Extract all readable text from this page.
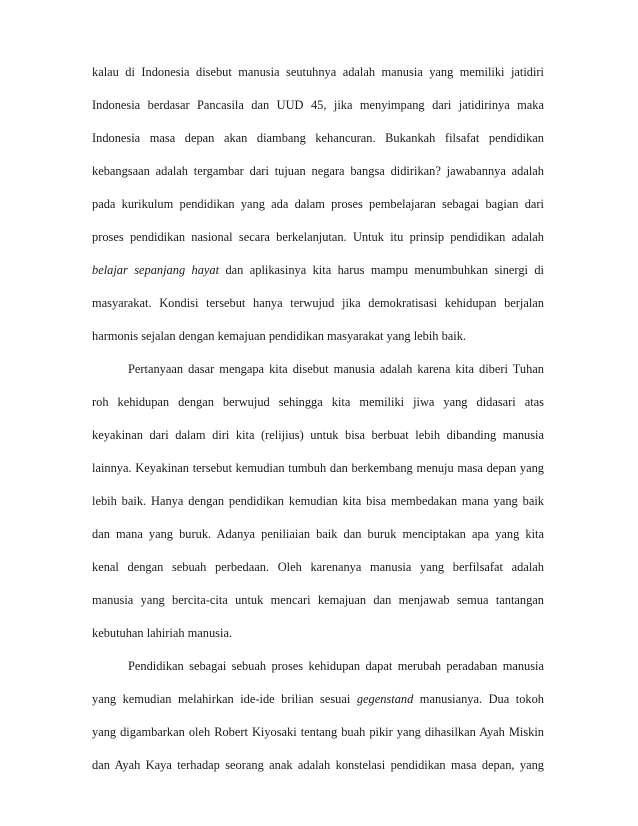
kalau di Indonesia disebut manusia seutuhnya adalah manusia yang memiliki jatidiri
Indonesia berdasar Pancasila dan UUD 45, jika menyimpang dari jatidirinya maka
Indonesia masa depan akan diambang kehancuran. Bukankah filsafat pendidikan
kebangsaan adalah tergambar dari tujuan negara bangsa didirikan? jawabannya adalah
pada kurikulum pendidikan yang ada dalam proses pembelajaran sebagai bagian dari
proses pendidikan nasional secara berkelanjutan. Untuk itu prinsip pendidikan adalah
belajar sepanjang hayat dan aplikasinya kita harus mampu menumbuhkan sinergi di
masyarakat. Kondisi tersebut hanya terwujud jika demokratisasi kehidupan berjalan
harmonis sejalan dengan kemajuan pendidikan masyarakat yang lebih baik.
Pertanyaan dasar mengapa kita disebut manusia adalah karena kita diberi Tuhan
roh kehidupan dengan berwujud sehingga kita memiliki jiwa yang didasari atas
keyakinan dari dalam diri kita (relijius) untuk bisa berbuat lebih dibanding manusia
lainnya. Keyakinan tersebut kemudian tumbuh dan berkembang menuju masa depan yang
lebih baik. Hanya dengan pendidikan kemudian kita bisa membedakan mana yang baik
dan mana yang buruk. Adanya peniliaian baik dan buruk menciptakan apa yang kita
kenal dengan sebuah perbedaan. Oleh karenanya manusia yang berfilsafat adalah
manusia yang bercita-cita untuk mencari kemajuan dan menjawab semua tantangan
kebutuhan lahiriah manusia.
Pendidikan sebagai sebuah proses kehidupan dapat merubah peradaban manusia
yang kemudian melahirkan ide-ide brilian sesuai gegenstand manusianya. Dua tokoh
yang digambarkan oleh Robert Kiyosaki tentang buah pikir yang dihasilkan Ayah Miskin
dan Ayah Kaya terhadap seorang anak adalah konstelasi pendidikan masa depan, yang
